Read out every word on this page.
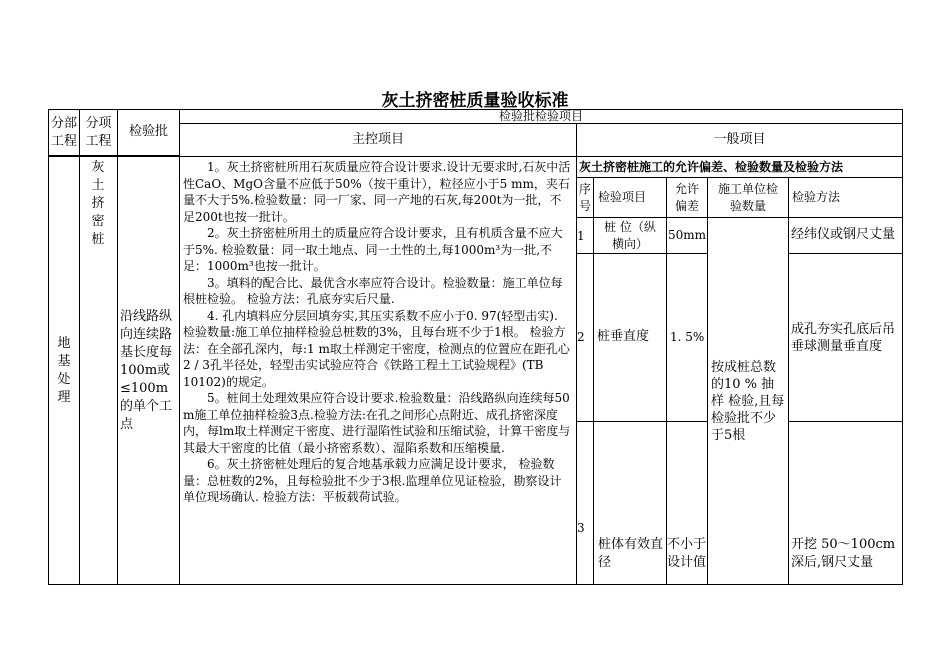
灰土挤密桩质量验收标准
分部工程
分项工程
检验批
检验批检验项目
主控项目	一般项目
地基处理
灰土挤密桩
沿线路纵向连续路基长度每100m或≤100m的单个工点

1。灰土挤密桩所用石灰质量应符合设计要求.设计无要求时,石灰中活性CaO、MgO含量不应低于50%（按干重计），粒径应小于5 mm，夹石量不大于5%.检验数量：同一厂家、同一产地的石灰,每200t为一批，不足200t也按一批计。

2。灰土挤密桩所用土的质量应符合设计要求，且有机质含量不应大于5%. 检验数量：同一取土地点、同一土性的土,每1000m³为一批,不足：1000m³也按一批计。

3。填料的配合比、最优含水率应符合设计。检验数量：施工单位每根桩检验。 检验方法：孔底夯实后尺量.

4. 孔内填料应分层回填夯实,其压实系数不应小于0. 97(轻型击实). 检验数量:施工单位抽样检验总桩数的3%，且每台班不少于1根。 检验方法：在全部孔深内，每:1 m取土样测定干密度，检测点的位置应在距孔心2 / 3孔半径处，轻型击实试验应符合《铁路工程土工试验规程》(TB 10102)的规定。

5。桩间土处理效果应符合设计要求.检验数量：沿线路纵向连续每50 m施工单位抽样检验3点.检验方法:在孔之间形心点附近、成孔挤密深度内，每lm取土样测定干密度、进行湿陷性试验和压缩试验，计算干密度与其最大干密度的比值（最小挤密系数）、湿陷系数和压缩模量.

6。灰土挤密桩处理后的复合地基承载力应满足设计要求， 检验数量：总桩数的2%，且每检验批不少于3根.监理单位见证检验，勘察设计单位现场确认. 检验方法：平板载荷试验。

灰土挤密桩施工的允许偏差、检验数量及检验方法
序号
检验项目
允许偏差
施工单位检验数量
检验方法
1
桩 位（纵横向）
50mm	经纬仪或钢尺丈量
2 桩垂直度 1. 5%
成孔夯实孔底后吊垂球测量垂直度
3
桩体有效直径
不小于设计值
开挖 50～100cm深后,钢尺丈量
按成桩总数的10 % 抽 样 检验,且每检验批不少于5根
